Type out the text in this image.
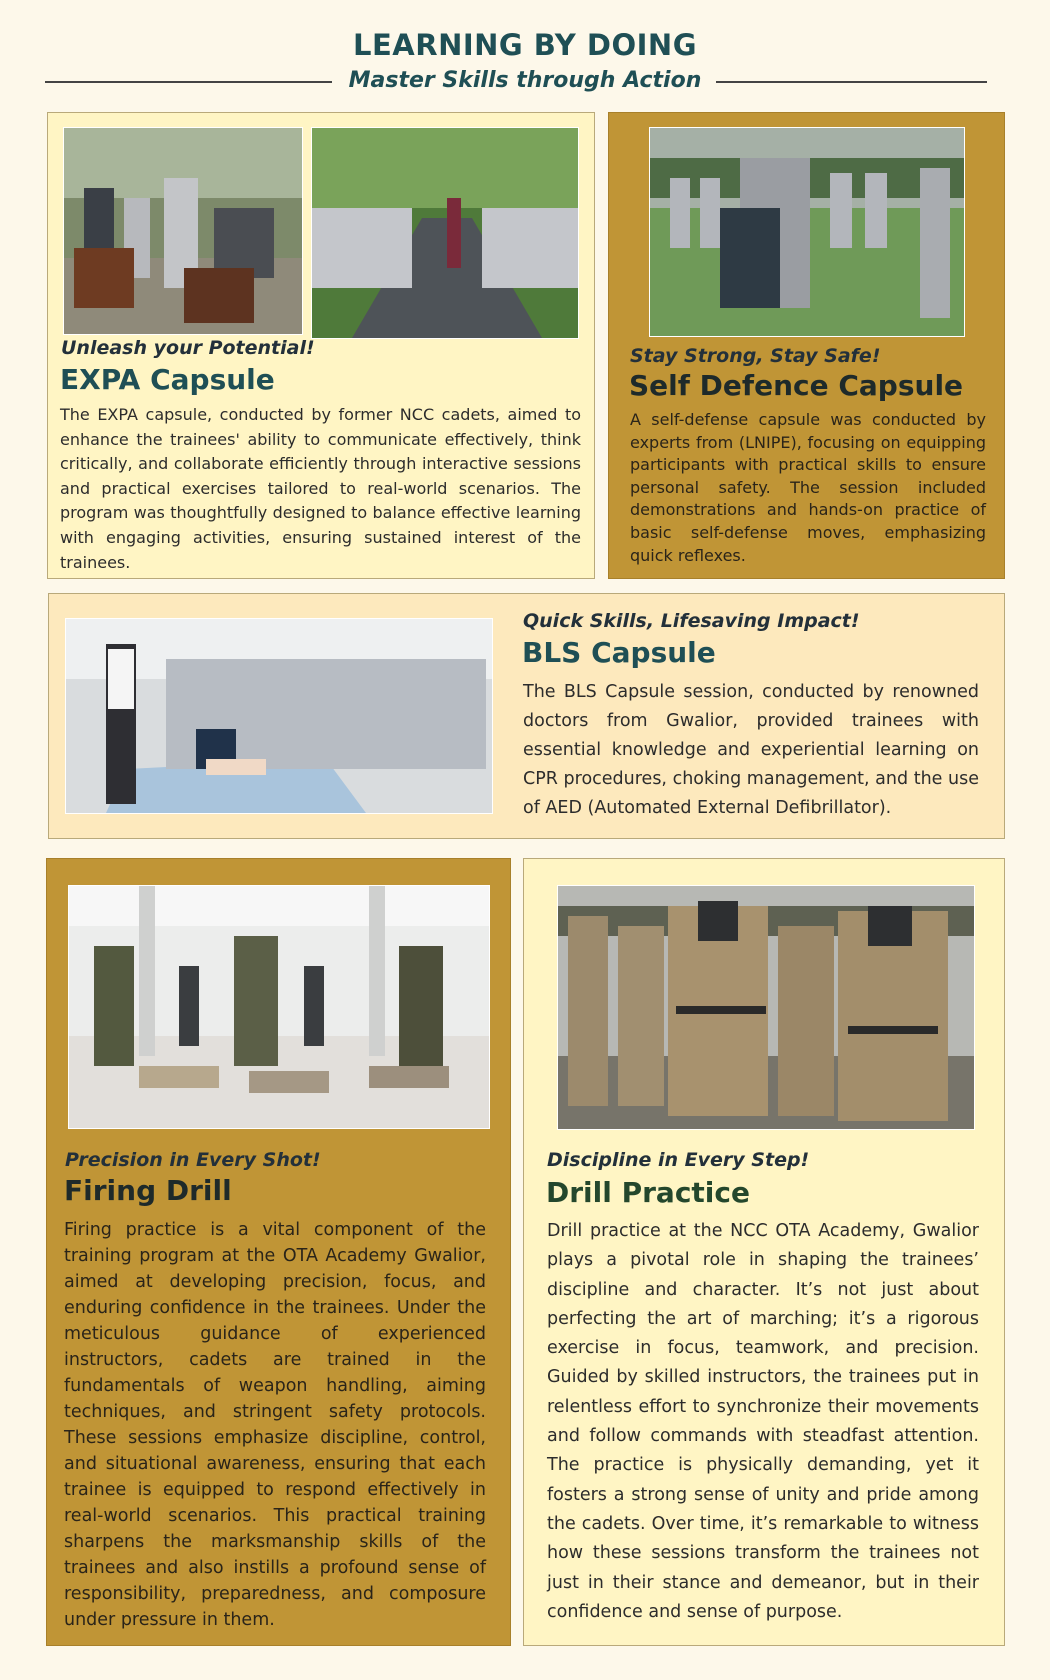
LEARNING BY DOING
Master Skills through Action
Unleash your Potential!
EXPA Capsule
The EXPA capsule, conducted by former NCC cadets, aimed to enhance the trainees' ability to communicate effectively, think critically, and collaborate efficiently through interactive sessions and practical exercises tailored to real-world scenarios. The program was thoughtfully designed to balance effective learning with engaging activities, ensuring sustained interest of the trainees.
Stay Strong, Stay Safe!
Self Defence Capsule
A self-defense capsule was conducted by experts from (LNIPE), focusing on equipping participants with practical skills to ensure personal safety. The session included demonstrations and hands-on practice of basic self-defense moves, emphasizing quick reflexes.
Quick Skills, Lifesaving Impact!
BLS Capsule
The BLS Capsule session, conducted by renowned doctors from Gwalior, provided trainees with essential knowledge and experiential learning on CPR procedures, choking management, and the use of AED (Automated External Defibrillator).
Precision in Every Shot!
Firing Drill
Firing practice is a vital component of the training program at the OTA Academy Gwalior, aimed at developing precision, focus, and enduring confidence in the trainees. Under the meticulous guidance of experienced instructors, cadets are trained in the fundamentals of weapon handling, aiming techniques, and stringent safety protocols. These sessions emphasize discipline, control, and situational awareness, ensuring that each trainee is equipped to respond effectively in real-world scenarios. This practical training sharpens the marksmanship skills of the trainees and also instills a profound sense of responsibility, preparedness, and composure under pressure in them.
Discipline in Every Step!
Drill Practice
Drill practice at the NCC OTA Academy, Gwalior plays a pivotal role in shaping the trainees’ discipline and character. It’s not just about perfecting the art of marching; it’s a rigorous exercise in focus, teamwork, and precision. Guided by skilled instructors, the trainees put in relentless effort to synchronize their movements and follow commands with steadfast attention. The practice is physically demanding, yet it fosters a strong sense of unity and pride among the cadets. Over time, it’s remarkable to witness how these sessions transform the trainees not just in their stance and demeanor, but in their confidence and sense of purpose.
